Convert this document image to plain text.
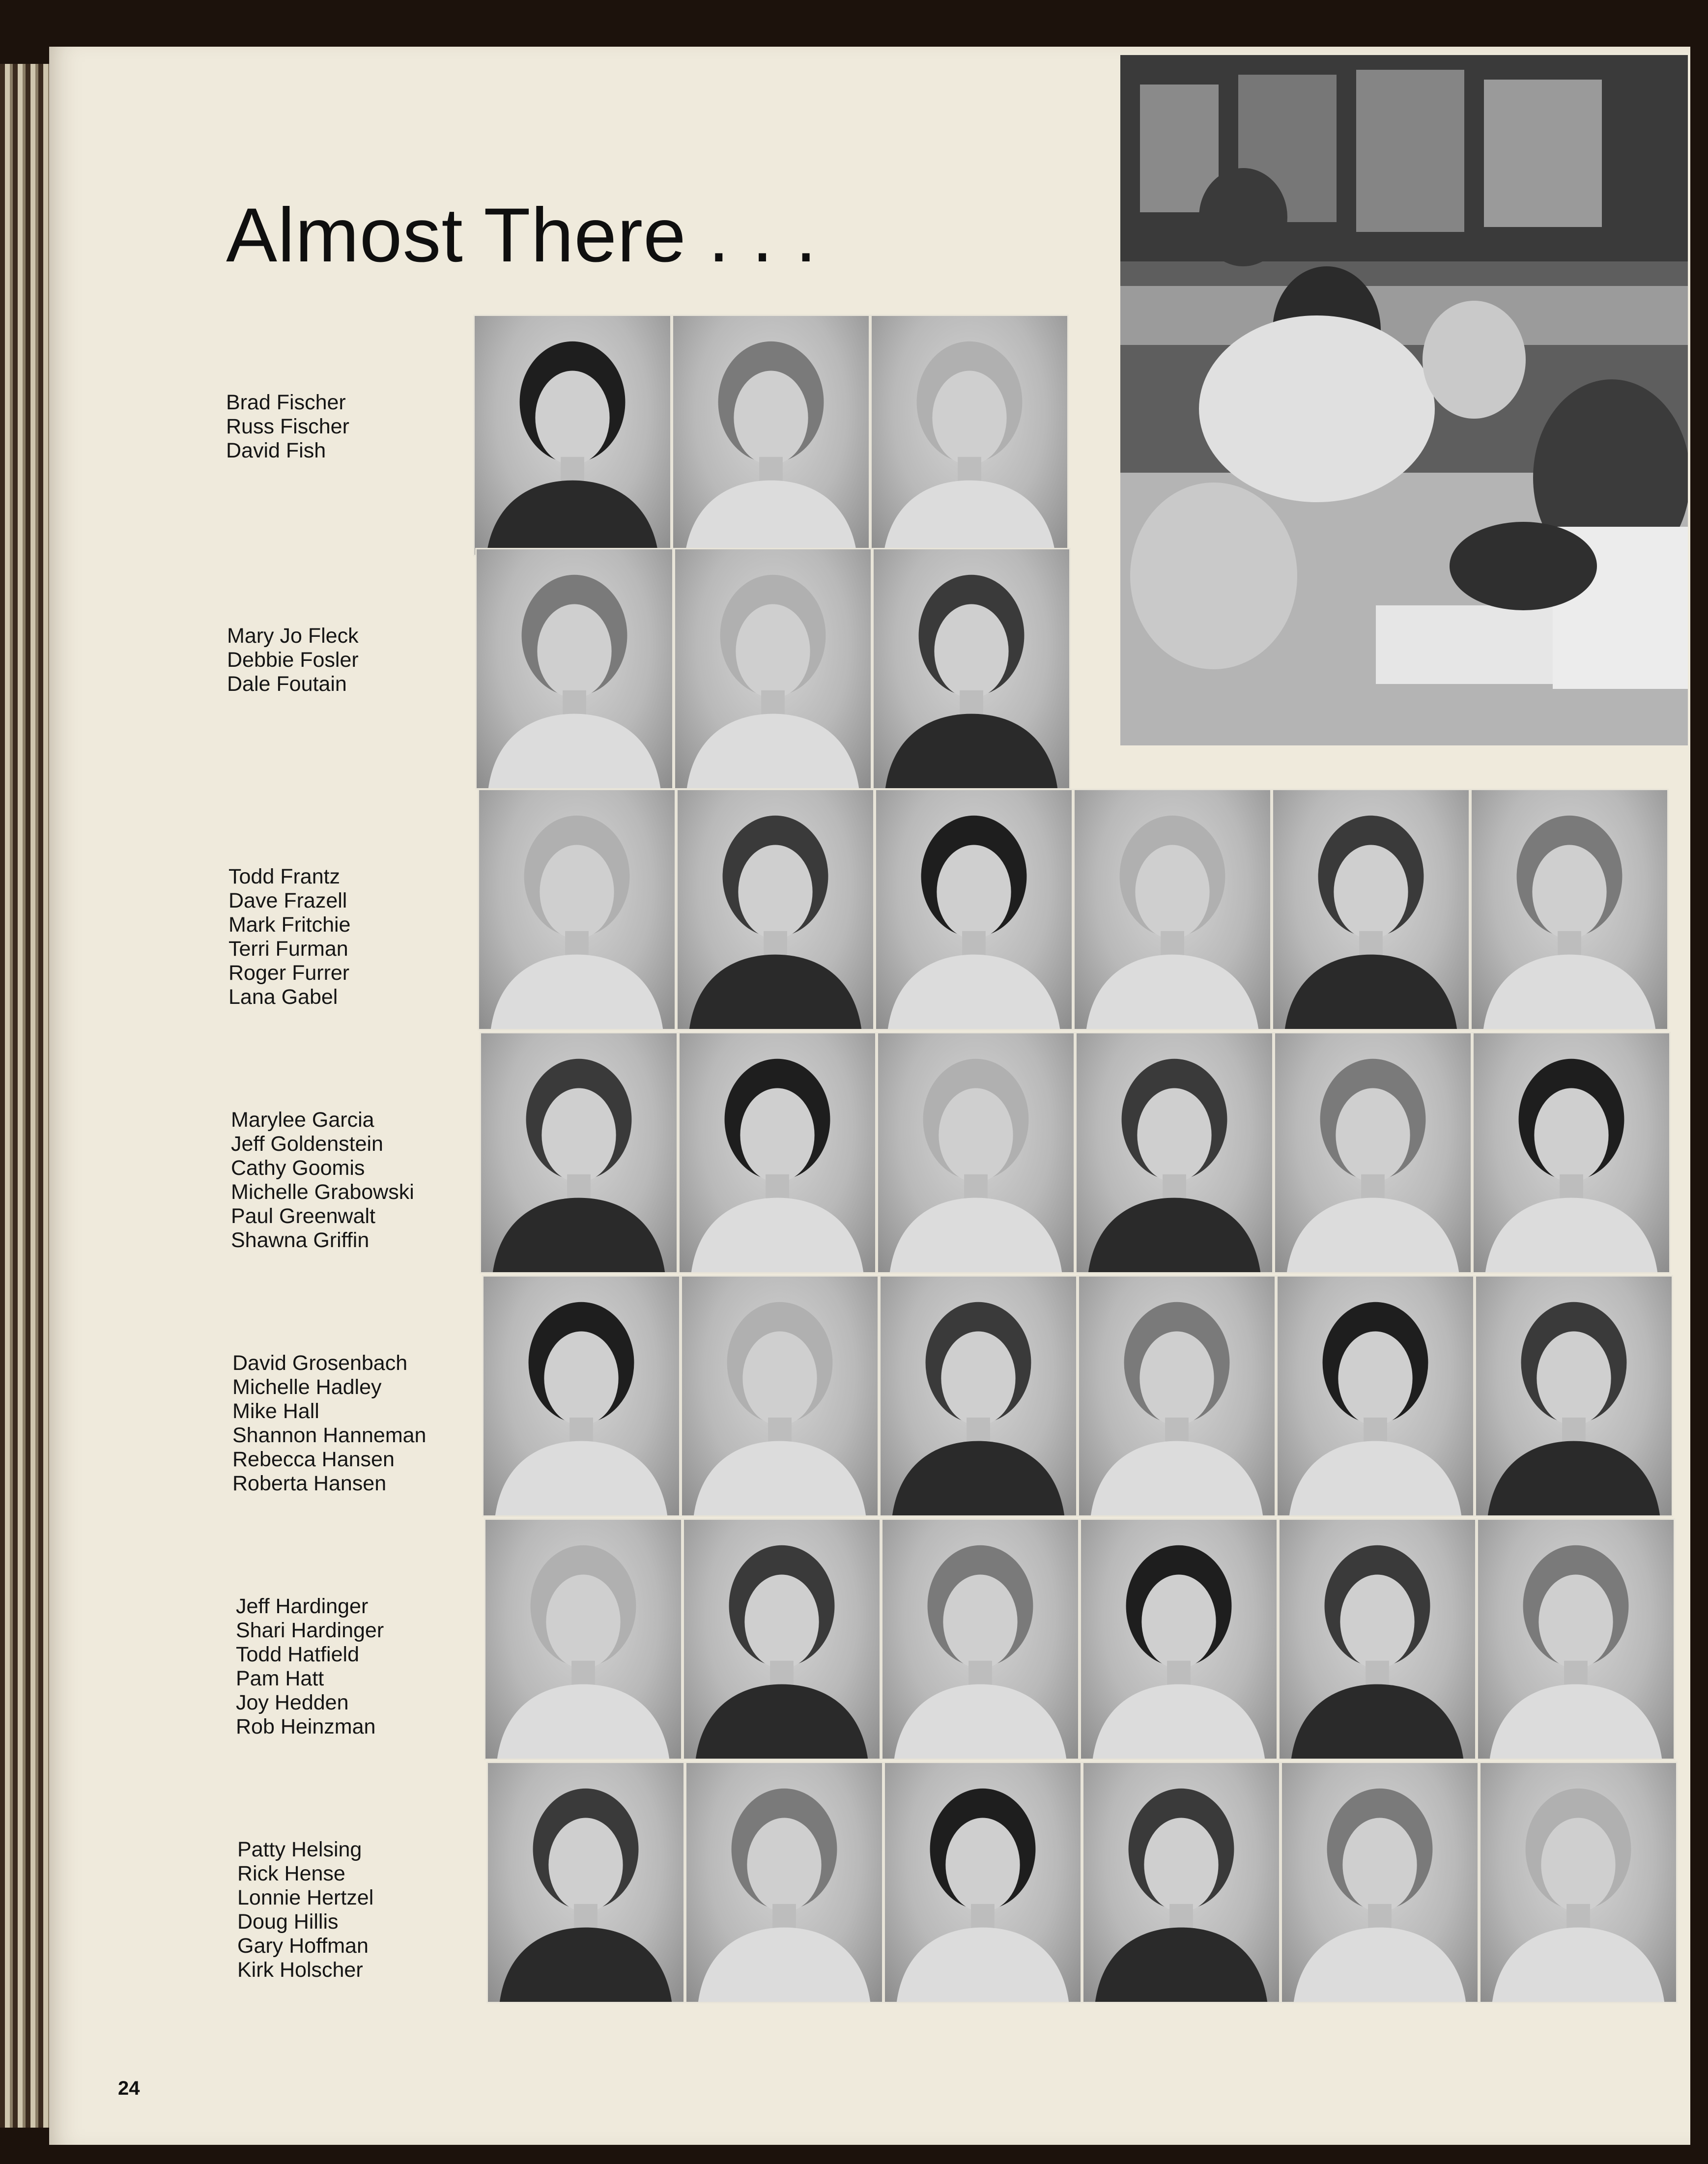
Almost There . . .
24
Brad Fischer
Russ Fischer
David Fish
Mary Jo Fleck
Debbie Fosler
Dale Foutain
Todd Frantz
Dave Frazell
Mark Fritchie
Terri Furman
Roger Furrer
Lana Gabel
Marylee Garcia
Jeff Goldenstein
Cathy Goomis
Michelle Grabowski
Paul Greenwalt
Shawna Griffin
David Grosenbach
Michelle Hadley
Mike Hall
Shannon Hanneman
Rebecca Hansen
Roberta Hansen
Jeff Hardinger
Shari Hardinger
Todd Hatfield
Pam Hatt
Joy Hedden
Rob Heinzman
Patty Helsing
Rick Hense
Lonnie Hertzel
Doug Hillis
Gary Hoffman
Kirk Holscher
